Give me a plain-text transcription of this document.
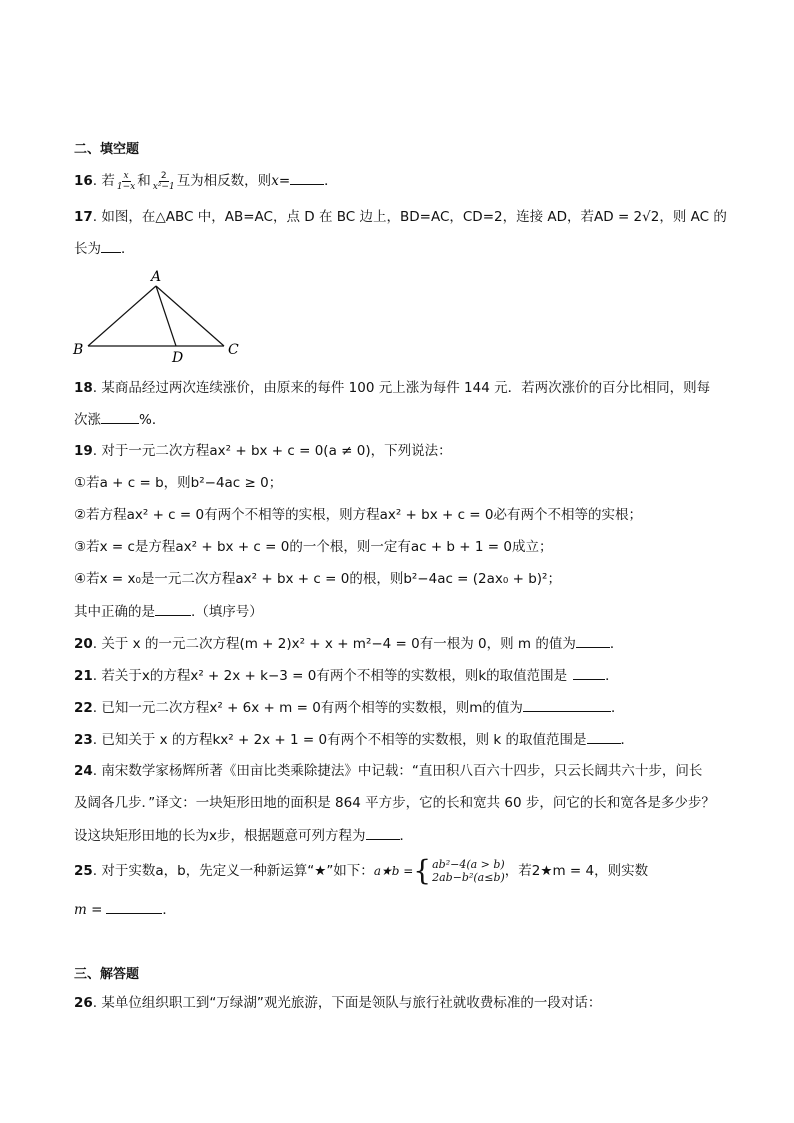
二、填空题
16. 若 $\frac{x}{1-x}$ 和 $\frac{2}{\text{x²−1}}$ 互为相反数，则x=	．
17. 如图，在△ABC 中，AB=AC，点 D 在 BC 边上，BD=AC，CD=2，连接 AD，若AD = 2√2，则 AC 的
长为 ．
A
B	C
D
18. 某商品经过两次连续涨价，由原来的每件 100 元上涨为每件 144 元．若两次涨价的百分比相同，则每
次涨	%．
19. 对于一元二次方程ax² + bx + c = 0(a ≠ 0)，下列说法：
①若a + c = b，则b²−4ac ≥ 0；
②若方程ax² + c = 0有两个不相等的实根，则方程ax² + bx + c = 0必有两个不相等的实根；
③若x = c是方程ax² + bx + c = 0的一个根，则一定有ac + b + 1 = 0成立；
④若x = x₀是一元二次方程ax² + bx + c = 0的根，则b²−4ac = (2ax₀ + b)²；
其中正确的是	.（填序号）
20. 关于 x 的一元二次方程(m + 2)x² + x + m²−4 = 0有一根为 0，则 m 的值为	．
21. 若关于x的方程x² + 2x + k−3 = 0有两个不相等的实数根，则k的取值范围是	．
22. 已知一元二次方程x² + 6x + m = 0有两个相等的实数根，则m的值为	．
23. 已知关于 x 的方程kx² + 2x + 1 = 0有两个不相等的实数根，则 k 的取值范围是	．
24. 南宋数学家杨辉所著《田亩比类乘除捷法》中记载：“直田积八百六十四步，只云长阔共六十步，问长
及阔各几步．”译文：一块矩形田地的面积是 864 平方步，它的长和宽共 60 步，问它的长和宽各是多少步？
设这块矩形田地的长为x步，根据题意可列方程为	．
25. 对于实数a，b，先定义一种新运算“★”如下：a★b = { ab²−4(a > b)
2ab−b²(a≤b) ，若2★m = 4，则实数
m =	．
三、解答题
26. 某单位组织职工到“万绿湖”观光旅游，下面是领队与旅行社就收费标准的一段对话：
